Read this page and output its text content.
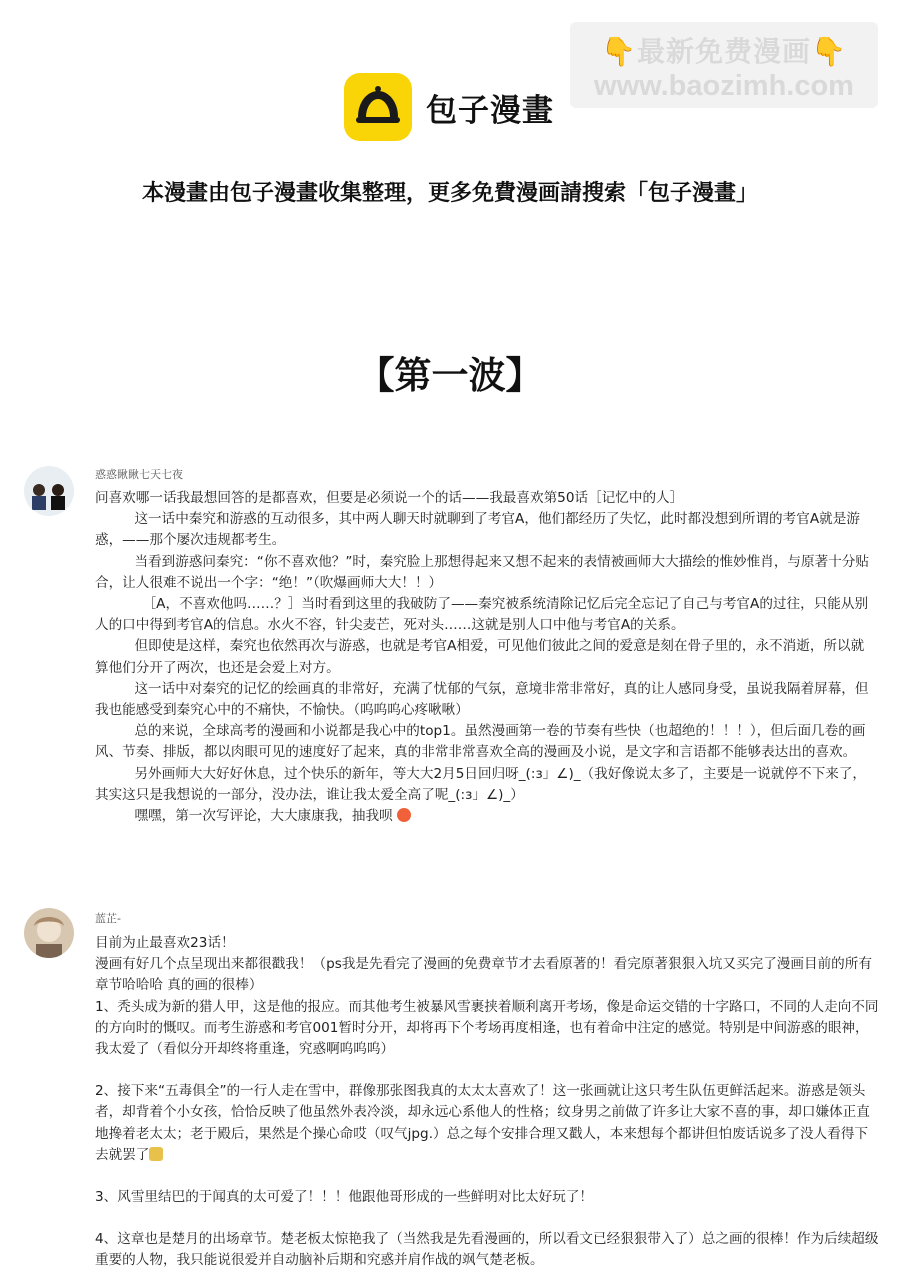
👇最新免费漫画👇
www.baozimh.com
包子漫畫
本漫畫由包子漫畫收集整理，更多免費漫画請搜索「包子漫畫」
【第一波】
惑惑瞅瞅七天七夜

问喜欢哪一话我最想回答的是都喜欢，但要是必须说一个的话——我最喜欢第50话［记忆中的人］

这一话中秦究和游惑的互动很多，其中两人聊天时就聊到了考官A，他们都经历了失忆，此时都没想到所谓的考官A就是游惑，——那个屡次违规都考生。

当看到游惑问秦究：“你不喜欢他？”时，秦究脸上那想得起来又想不起来的表情被画师大大描绘的惟妙惟肖，与原著十分贴合，让人很难不说出一个字：“绝！”（吹爆画师大大！！）

［A，不喜欢他吗……？］当时看到这里的我破防了——秦究被系统清除记忆后完全忘记了自己与考官A的过往，只能从别人的口中得到考官A的信息。水火不容，针尖麦芒，死对头……这就是别人口中他与考官A的关系。

但即使是这样，秦究也依然再次与游惑，也就是考官A相爱，可见他们彼此之间的爱意是刻在骨子里的，永不消逝，所以就算他们分开了两次，也还是会爱上对方。

这一话中对秦究的记忆的绘画真的非常好，充满了忧郁的气氛，意境非常非常好，真的让人感同身受，虽说我隔着屏幕，但我也能感受到秦究心中的不痛快，不愉快。（呜呜呜心疼啾啾）

总的来说，全球高考的漫画和小说都是我心中的top1。虽然漫画第一卷的节奏有些快（也超绝的！！！），但后面几卷的画风、节奏、排版，都以肉眼可见的速度好了起来，真的非常非常喜欢全高的漫画及小说，是文字和言语都不能够表达出的喜欢。

另外画师大大好好休息，过个快乐的新年，等大大2月5日回归呀_(:з」∠)_（我好像说太多了，主要是一说就停不下来了，其实这只是我想说的一部分，没办法，谁让我太爱全高了呢_(:з」∠)_）

嘿嘿，第一次写评论，大大康康我，抽我呗

蓝芷-

目前为止最喜欢23话！

漫画有好几个点呈现出来都很戳我！（ps我是先看完了漫画的免费章节才去看原著的！看完原著狠狠入坑又买完了漫画目前的所有章节哈哈哈 真的画的很棒）

1、秃头成为新的猎人甲，这是他的报应。而其他考生被暴风雪裹挟着顺利离开考场，像是命运交错的十字路口，不同的人走向不同的方向时的慨叹。而考生游惑和考官001暂时分开，却将再下个考场再度相逢，也有着命中注定的感觉。特别是中间游惑的眼神，我太爱了（看似分开却终将重逢，究惑啊呜呜呜）

2、接下来“五毒俱全”的一行人走在雪中，群像那张图我真的太太太喜欢了！这一张画就让这只考生队伍更鲜活起来。游惑是领头者，却背着个小女孩，恰恰反映了他虽然外表冷淡，却永远心系他人的性格；纹身男之前做了许多让大家不喜的事，却口嫌体正直地搀着老太太；老于殿后，果然是个操心命哎（叹气jpg.）总之每个安排合理又戳人，本来想每个都讲但怕废话说多了没人看得下去就罢了

3、风雪里结巴的于闻真的太可爱了！！！他跟他哥形成的一些鲜明对比太好玩了！

4、这章也是楚月的出场章节。楚老板太惊艳我了（当然我是先看漫画的，所以看文已经狠狠带入了）总之画的很棒！作为后续超级重要的人物，我只能说很爱并自动脑补后期和究惑并肩作战的飒气楚老板。
